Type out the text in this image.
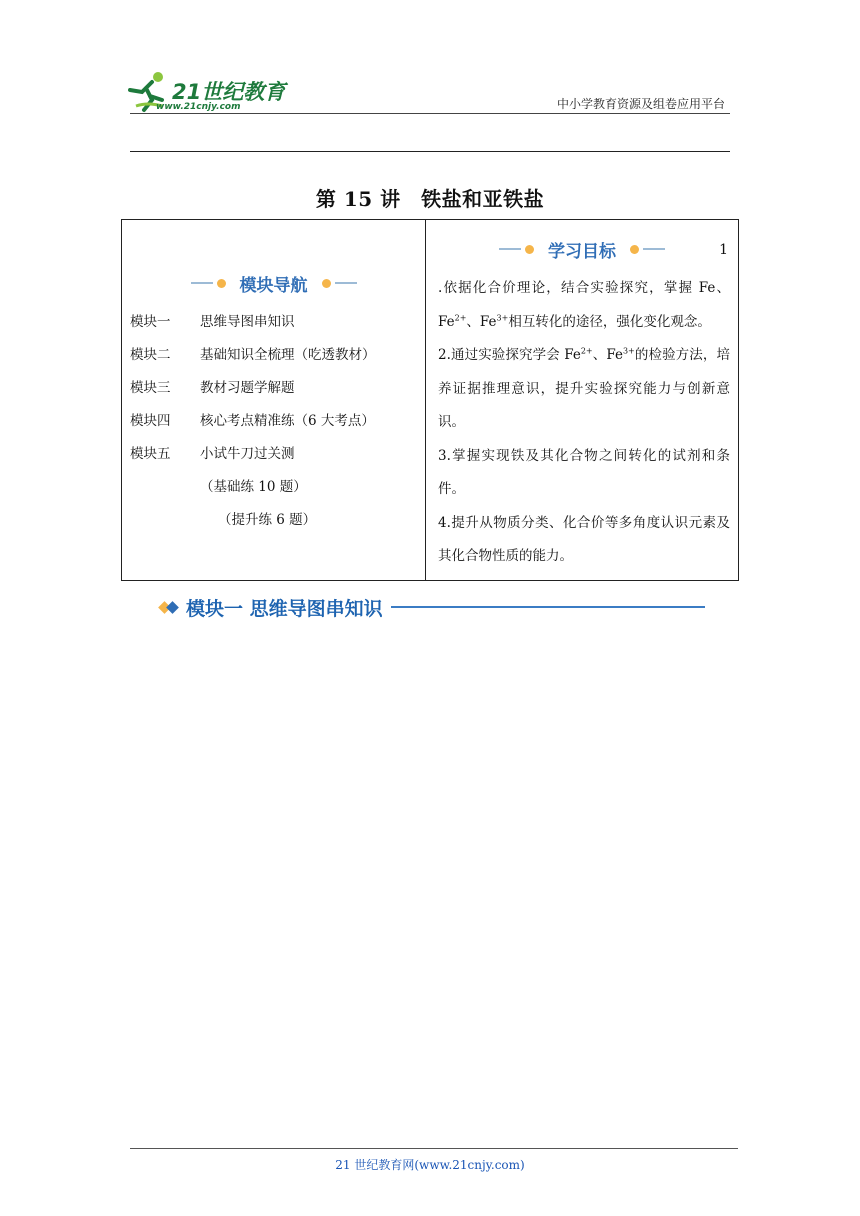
21世纪教育
www.21cnjy.com	中小学教育资源及组卷应用平台
第 15 讲　铁盐和亚铁盐
模块导航
模块一	思维导图串知识
模块二	基础知识全梳理（吃透教材）
模块三	教材习题学解题
模块四	核心考点精准练（6 大考点）
模块五	小试牛刀过关测
（基础练 10 题）
（提升练 6 题）

学习目标	1
.依据化合价理论，结合实验探究，掌握 Fe、$Fe^{2+}$、$Fe^{3+}$相互转化的途径，强化变化观念。
2.通过实验探究学会 $Fe^{2+}$、$Fe^{3+}$的检验方法，培养证据推理意识，提升实验探究能力与创新意识。
3.掌握实现铁及其化合物之间转化的试剂和条件。
4.提升从物质分类、化合价等多角度认识元素及其化合物性质的能力。
模块一 思维导图串知识
21 世纪教育网(www.21cnjy.com)
